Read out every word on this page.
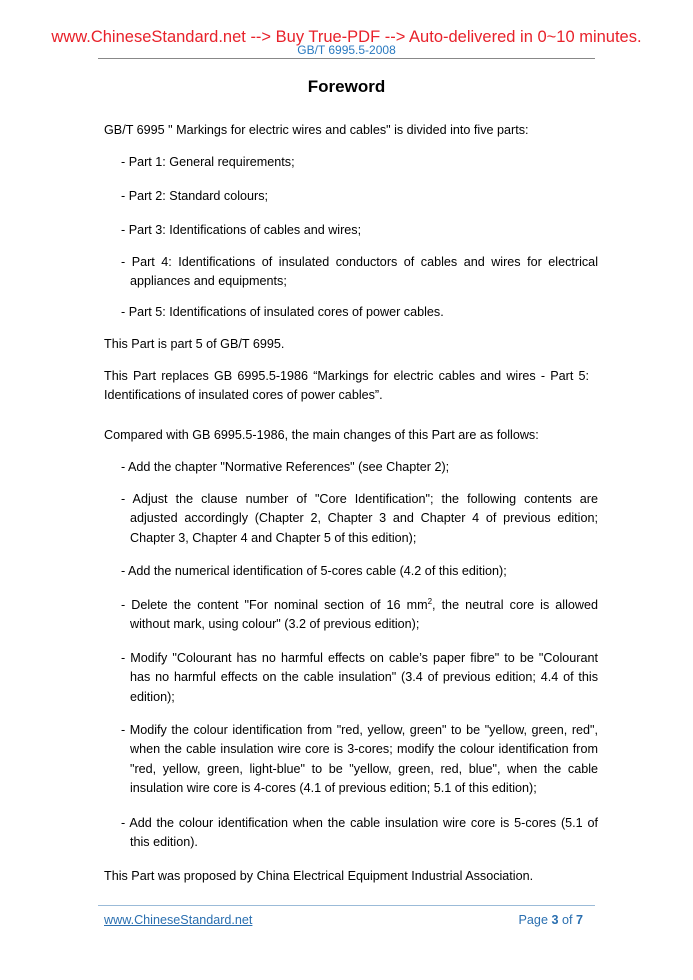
www.ChineseStandard.net --> Buy True-PDF --> Auto-delivered in 0~10 minutes.
GB/T 6995.5-2008
Foreword
GB/T 6995 " Markings for electric wires and cables" is divided into five parts:
- Part 1: General requirements;
- Part 2: Standard colours;
- Part 3: Identifications of cables and wires;
- Part 4: Identifications of insulated conductors of cables and wires for electrical appliances and equipments;
- Part 5: Identifications of insulated cores of power cables.
This Part is part 5 of GB/T 6995.
This Part replaces GB 6995.5-1986 “Markings for electric cables and wires - Part 5: Identifications of insulated cores of power cables”.
Compared with GB 6995.5-1986, the main changes of this Part are as follows:
- Add the chapter "Normative References" (see Chapter 2);
- Adjust the clause number of "Core Identification"; the following contents are adjusted accordingly (Chapter 2, Chapter 3 and Chapter 4 of previous edition; Chapter 3, Chapter 4 and Chapter 5 of this edition);
- Add the numerical identification of 5-cores cable (4.2 of this edition);
- Delete the content "For nominal section of 16 $mm^2$, the neutral core is allowed without mark, using colour" (3.2 of previous edition);
- Modify "Colourant has no harmful effects on cable’s paper fibre" to be "Colourant has no harmful effects on the cable insulation" (3.4 of previous edition; 4.4 of this edition);
- Modify the colour identification from "red, yellow, green" to be "yellow, green, red", when the cable insulation wire core is 3-cores; modify the colour identification from "red, yellow, green, light-blue" to be "yellow, green, red, blue", when the cable insulation wire core is 4-cores (4.1 of previous edition; 5.1 of this edition);
- Add the colour identification when the cable insulation wire core is 5-cores (5.1 of this edition).
This Part was proposed by China Electrical Equipment Industrial Association.
www.ChineseStandard.net	Page 3 of 7
